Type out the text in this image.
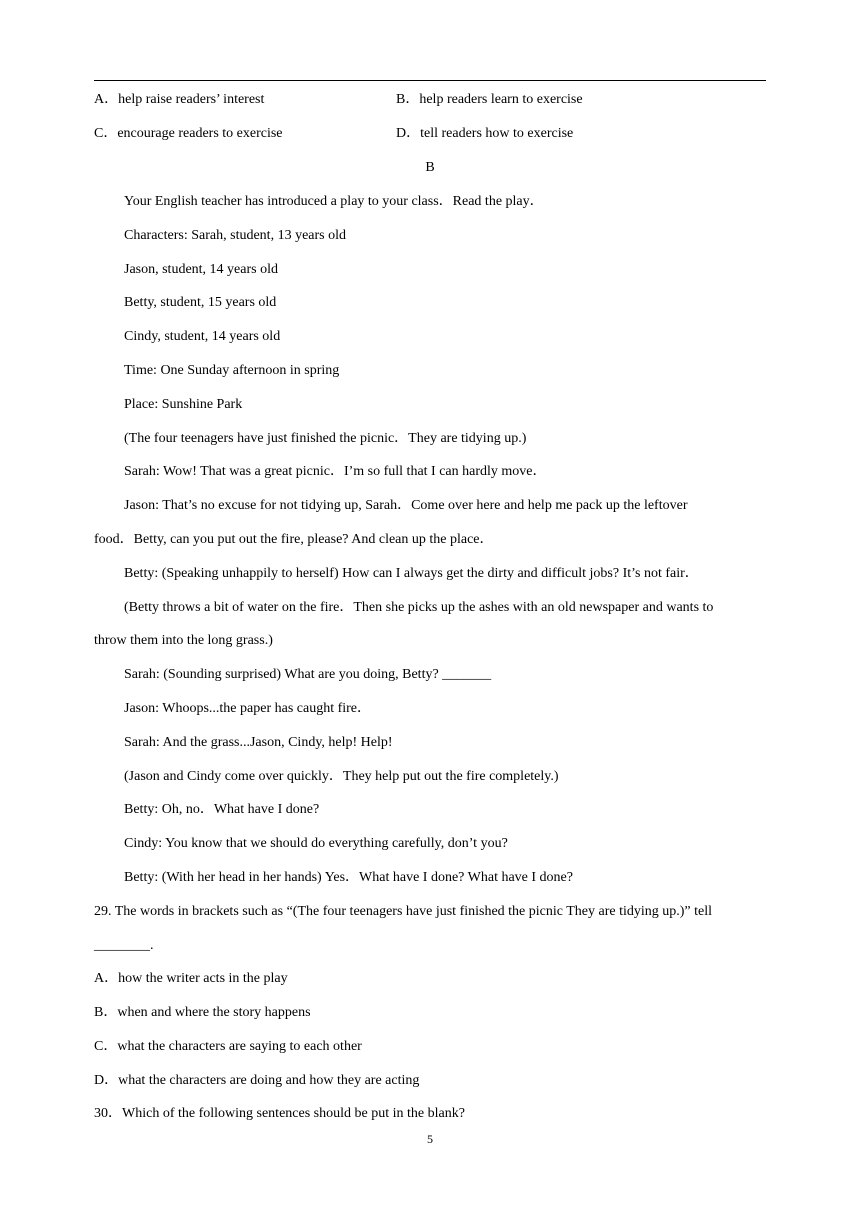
A．help raise readers’ interest	B．help readers learn to exercise
C．encourage readers to exercise	D．tell readers how to exercise
B
Your English teacher has introduced a play to your class．Read the play．
Characters: Sarah, student, 13 years old
Jason, student, 14 years old
Betty, student, 15 years old
Cindy, student, 14 years old
Time: One Sunday afternoon in spring
Place: Sunshine Park
(The four teenagers have just finished the picnic．They are tidying up.)
Sarah: Wow! That was a great picnic．I’m so full that I can hardly move．
Jason: That’s no excuse for not tidying up, Sarah．Come over here and help me pack up the leftover
food．Betty, can you put out the fire, please? And clean up the place．
Betty: (Speaking unhappily to herself) How can I always get the dirty and difficult jobs? It’s not fair．
(Betty throws a bit of water on the fire．Then she picks up the ashes with an old newspaper and wants to
throw them into the long grass.)
Sarah: (Sounding surprised) What are you doing, Betty? _______
Jason: Whoops...the paper has caught fire．
Sarah: And the grass...Jason, Cindy, help! Help!
(Jason and Cindy come over quickly．They help put out the fire completely.)
Betty: Oh, no．What have I done?
Cindy: You know that we should do everything carefully, don’t you?
Betty: (With her head in her hands) Yes．What have I done? What have I done?
29. The words in brackets such as “(The four teenagers have just finished the picnic They are tidying up.)” tell
________.
A．how the writer acts in the play
B．when and where the story happens
C．what the characters are saying to each other
D．what the characters are doing and how they are acting
30．Which of the following sentences should be put in the blank?
5
